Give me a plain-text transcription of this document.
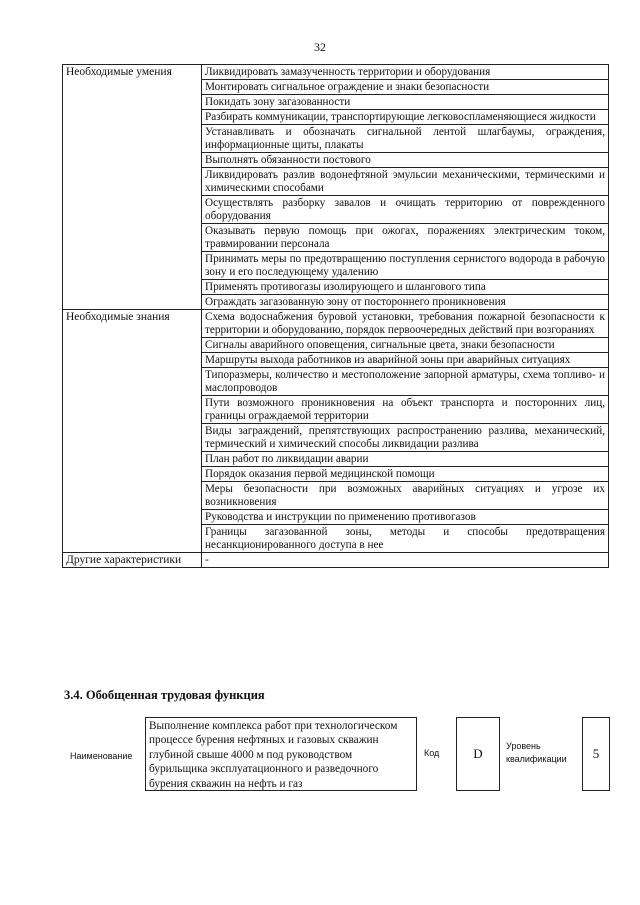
32
Необходимые умения	Ликвидировать замазученность территории и оборудования
	Монтировать сигнальное ограждение и знаки безопасности
	Покидать зону загазованности
	Разбирать коммуникации, транспортирующие легковоспламеняющиеся жидкости
	Устанавливать и обозначать сигнальной лентой шлагбаумы, ограждения, информационные щиты, плакаты
	Выполнять обязанности постового
	Ликвидировать разлив водонефтяной эмульсии механическими, термическими и химическими способами
	Осуществлять разборку завалов и очищать территорию от поврежденного оборудования
	Оказывать первую помощь при ожогах, поражениях электрическим током, травмировании персонала
	Принимать меры по предотвращению поступления сернистого водорода в рабочую зону и его последующему удалению
	Применять противогазы изолирующего и шлангового типа
	Ограждать загазованную зону от постороннего проникновения
Необходимые знания	Схема водоснабжения буровой установки, требования пожарной безопасности к территории и оборудованию, порядок первоочередных действий при возгораниях
	Сигналы аварийного оповещения, сигнальные цвета, знаки безопасности
	Маршруты выхода работников из аварийной зоны при аварийных ситуациях
	Типоразмеры, количество и местоположение запорной арматуры, схема топливо- и маслопроводов
	Пути возможного проникновения на объект транспорта и посторонних лиц, границы ограждаемой территории
	Виды заграждений, препятствующих распространению разлива, механический, термический и химический способы ликвидации разлива
	План работ по ликвидации аварии
	Порядок оказания первой медицинской помощи
	Меры безопасности при возможных аварийных ситуациях и угрозе их возникновения
	Руководства и инструкции по применению противогазов
	Границы загазованной зоны, методы и способы предотвращения несанкционированного доступа в нее
Другие характеристики	-
3.4. Обобщенная трудовая функция
Наименование
Выполнение комплекса работ при технологическом процессе бурения нефтяных и газовых скважин глубиной свыше 4000 м под руководством бурильщика эксплуатационного и разведочного бурения скважин на нефть и газ
Код	D	Уровень квалификации	5
